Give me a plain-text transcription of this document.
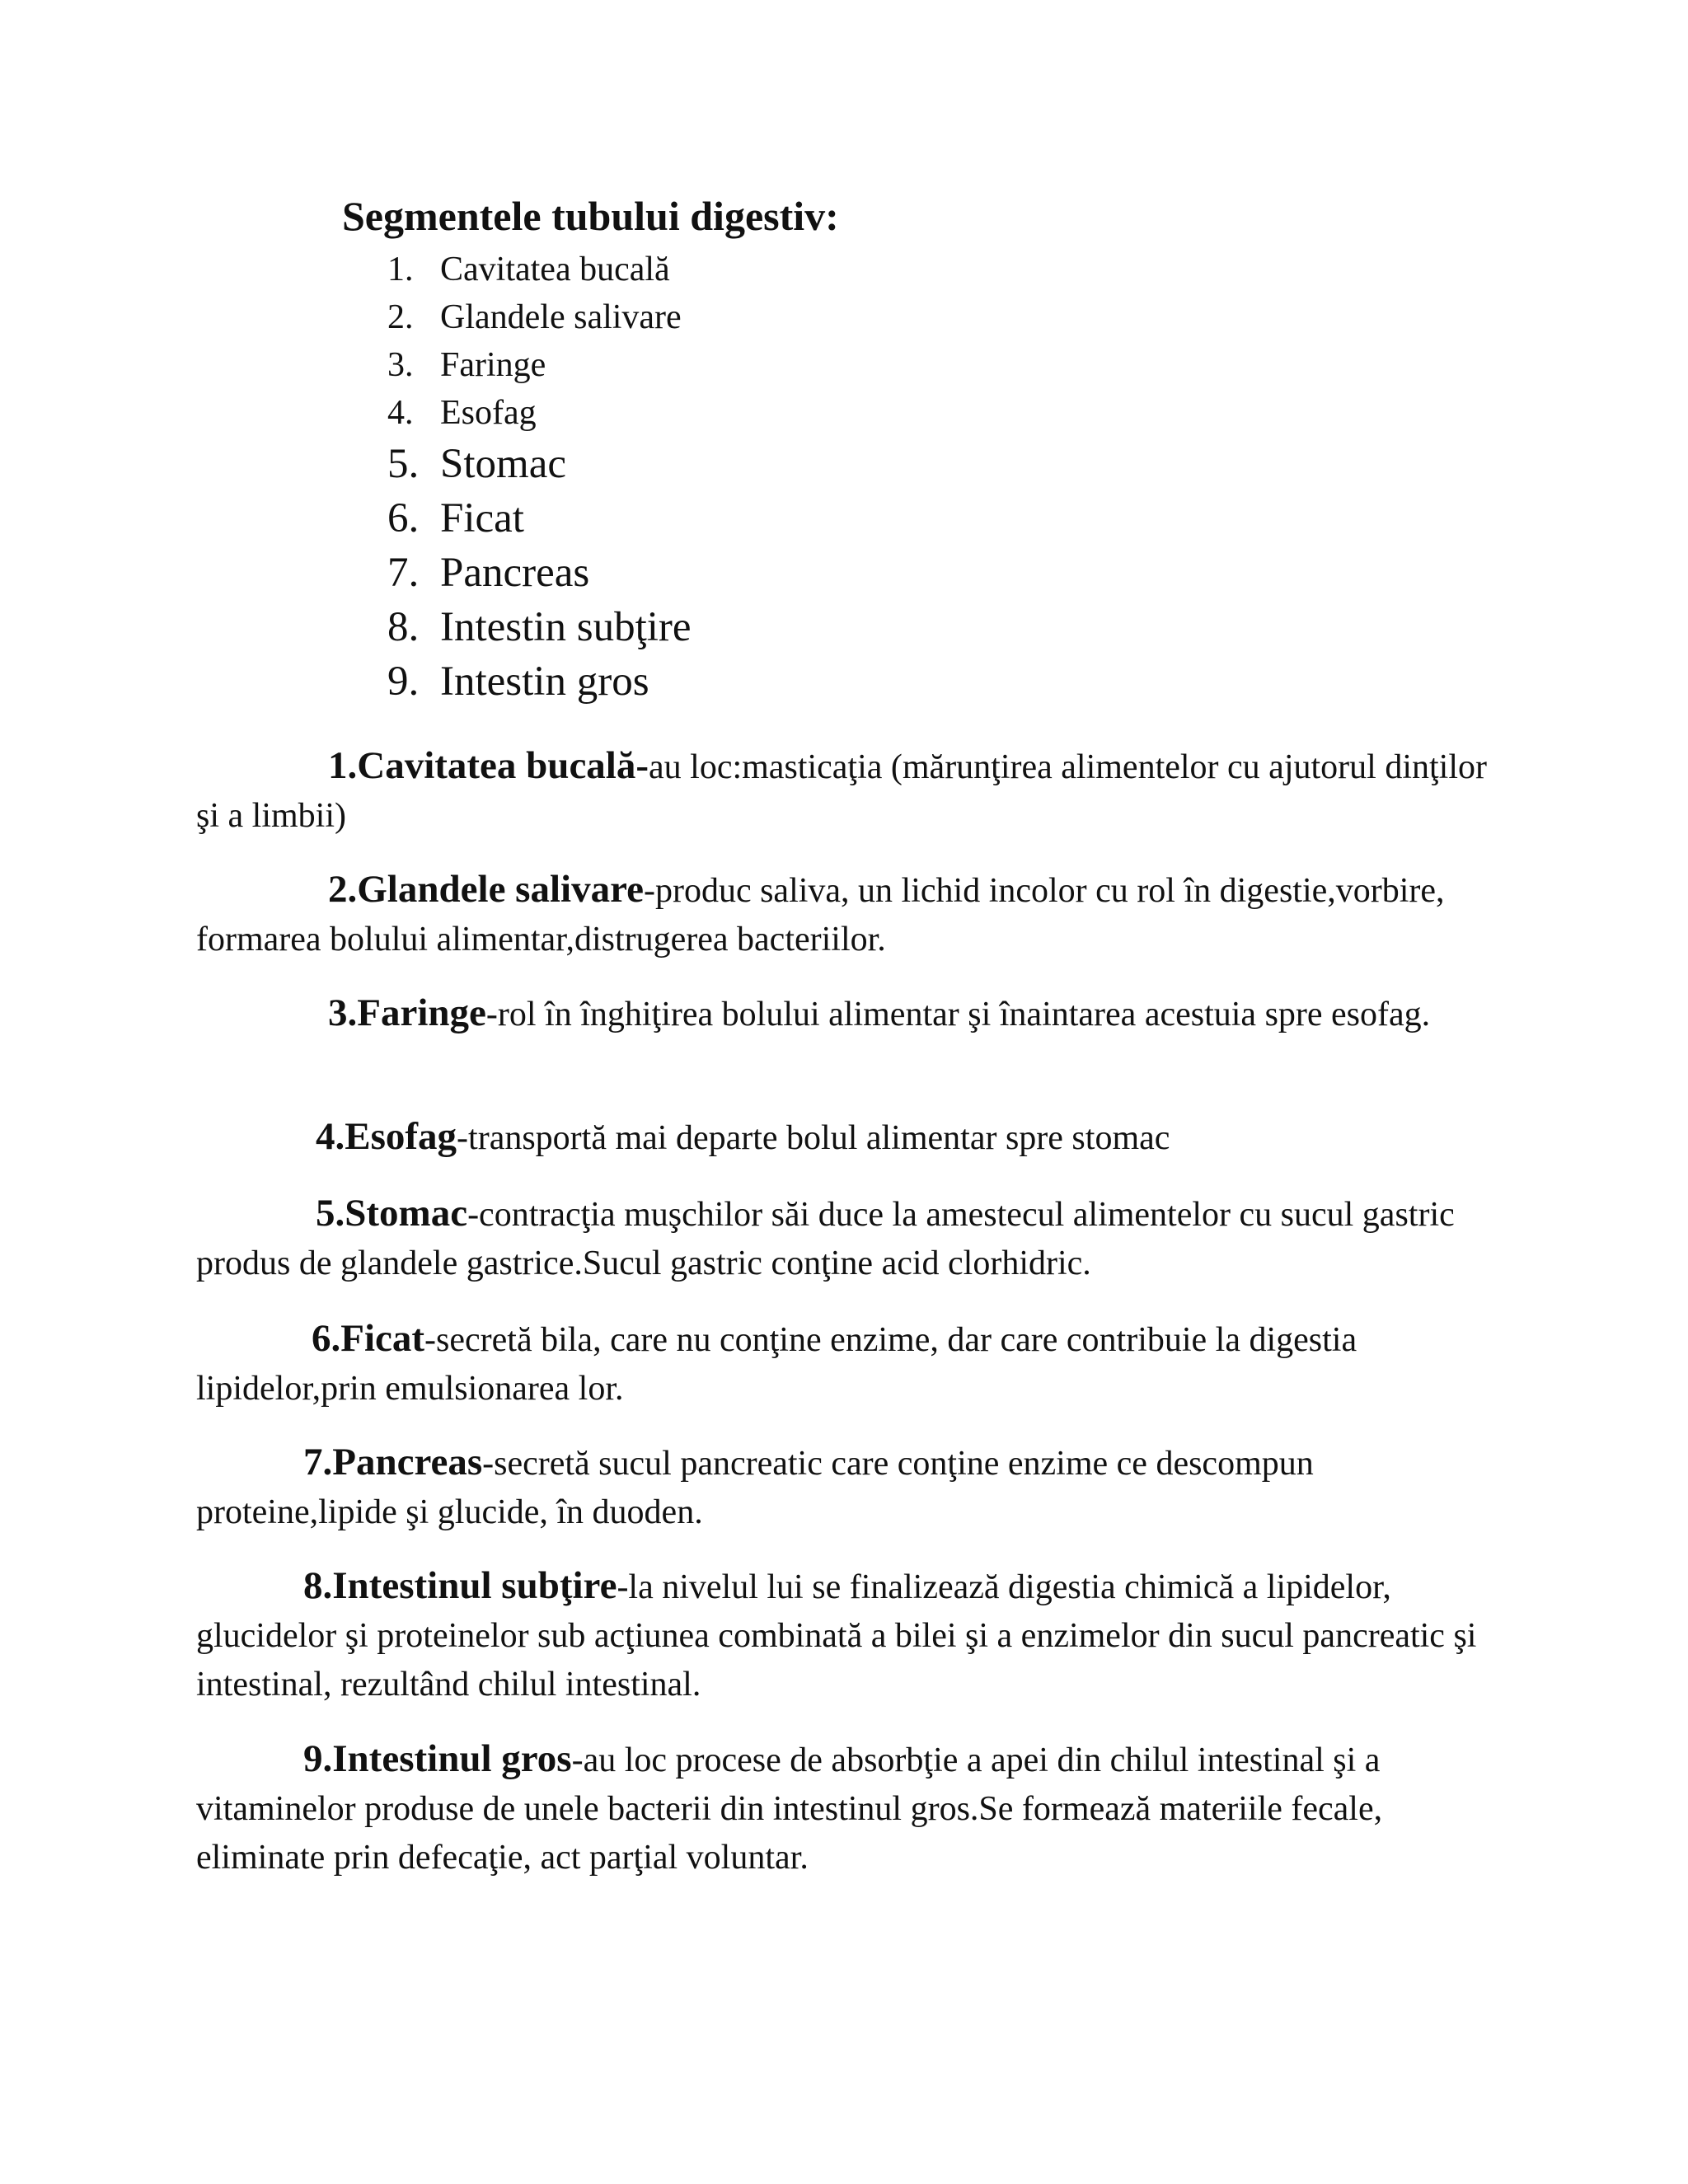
Segmentele tubului digestiv:
1. Cavitatea bucală
2. Glandele salivare
3. Faringe
4. Esofag
5. Stomac
6. Ficat
7. Pancreas
8. Intestin subţire
9. Intestin gros

1.Cavitatea bucală-au loc:masticaţia (mărunţirea alimentelor cu ajutorul dinţilor şi a limbii)

2.Glandele salivare-produc saliva, un lichid incolor cu rol în digestie,vorbire, formarea bolului alimentar,distrugerea bacteriilor.

3.Faringe-rol în înghiţirea bolului alimentar şi înaintarea acestuia spre esofag.

4.Esofag-transportă mai departe bolul alimentar spre stomac

5.Stomac-contracţia muşchilor săi duce la amestecul alimentelor cu sucul gastric produs de glandele gastrice.Sucul gastric conţine acid clorhidric.

6.Ficat-secretă bila, care nu conţine enzime, dar care contribuie la digestia lipidelor,prin emulsionarea lor.

7.Pancreas-secretă sucul pancreatic care conţine enzime ce descompun proteine,lipide şi glucide, în duoden.

8.Intestinul subţire-la nivelul lui se finalizează digestia chimică a lipidelor, glucidelor şi proteinelor sub acţiunea combinată a bilei şi a enzimelor din sucul pancreatic şi intestinal, rezultând chilul intestinal.

9.Intestinul gros-au loc procese de absorbţie a apei din chilul intestinal şi a vitaminelor produse de unele bacterii din intestinul gros.Se formează materiile fecale, eliminate prin defecaţie, act parţial voluntar.
